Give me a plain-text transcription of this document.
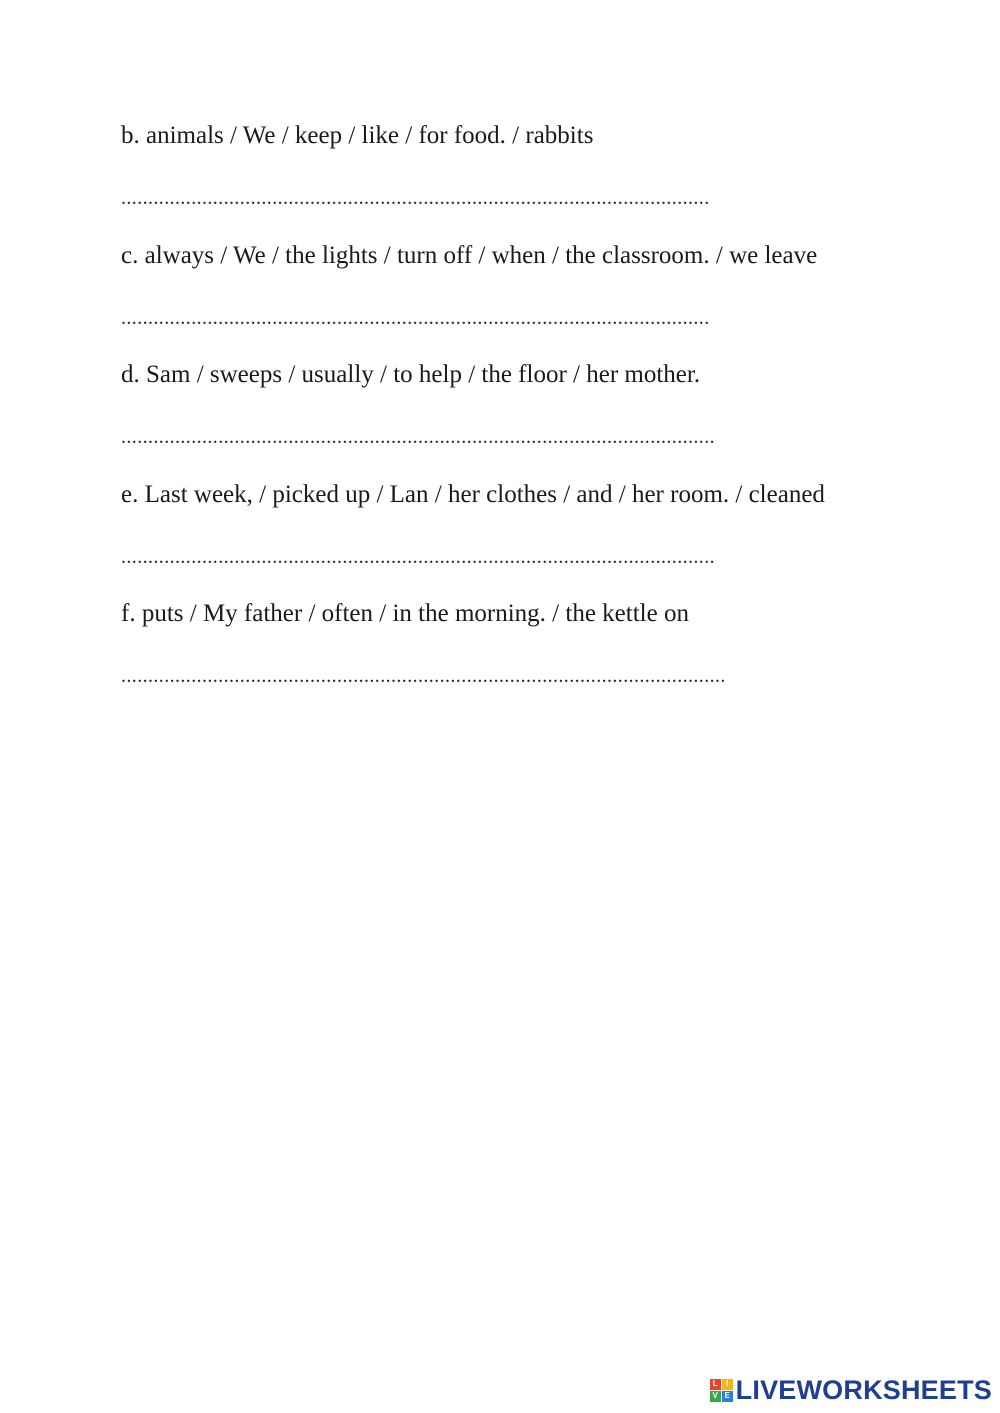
b. animals / We / keep / like / for food. / rabbits

.............................................................................................................

c. always / We / the lights / turn off / when / the classroom. / we leave

.............................................................................................................

d. Sam / sweeps / usually / to help / the floor / her mother.

..............................................................................................................

e. Last week, / picked up / Lan / her clothes / and / her room. / cleaned

..............................................................................................................

f. puts / My father / often / in the morning. / the kettle on

................................................................................................................
L	I
V E LIVEWORKSHEETS
